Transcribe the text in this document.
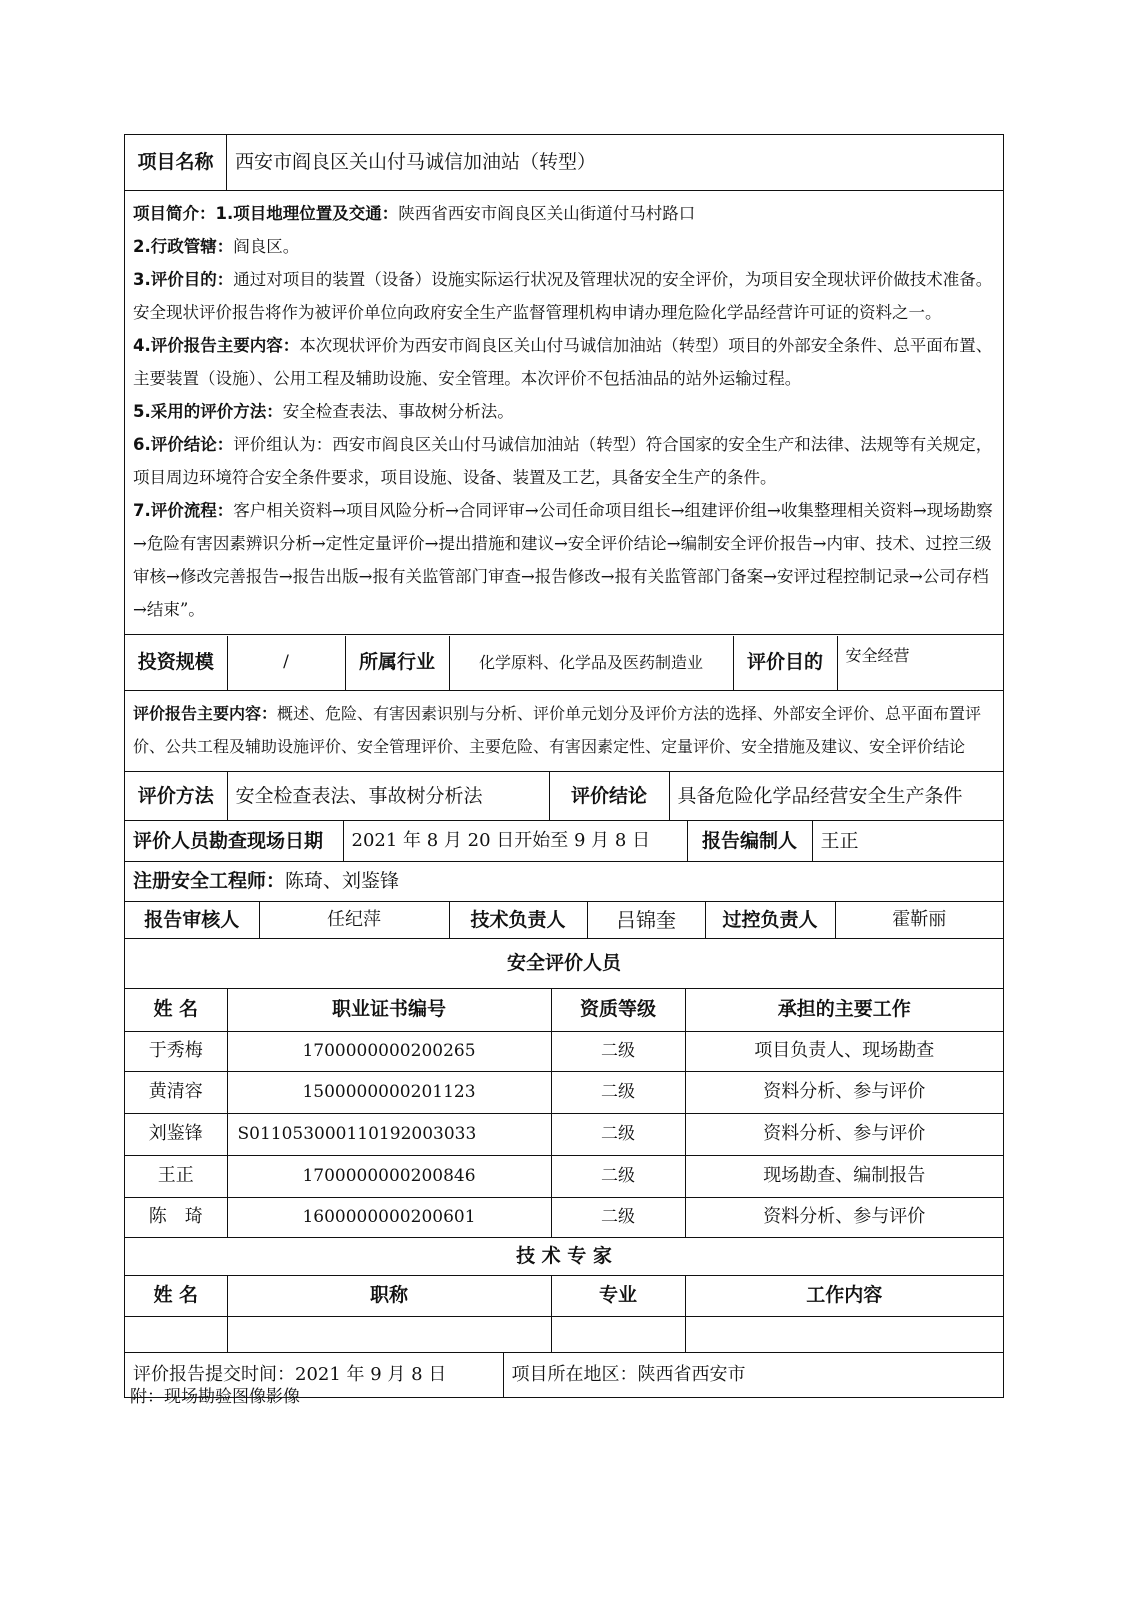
项目名称	西安市阎良区关山付马诚信加油站（转型）

项目简介：1.项目地理位置及交通：陕西省西安市阎良区关山街道付马村路口

2.行政管辖：阎良区。

3.评价目的：通过对项目的装置（设备）设施实际运行状况及管理状况的安全评价，为项目安全现状评价做技术准备。安全现状评价报告将作为被评价单位向政府安全生产监督管理机构申请办理危险化学品经营许可证的资料之一。

4.评价报告主要内容：本次现状评价为西安市阎良区关山付马诚信加油站（转型）项目的外部安全条件、总平面布置、主要装置（设施）、公用工程及辅助设施、安全管理。本次评价不包括油品的站外运输过程。

5.采用的评价方法：安全检查表法、事故树分析法。

6.评价结论：评价组认为：西安市阎良区关山付马诚信加油站（转型）符合国家的安全生产和法律、法规等有关规定，项目周边环境符合安全条件要求，项目设施、设备、装置及工艺，具备安全生产的条件。

7.评价流程：客户相关资料→项目风险分析→合同评审→公司任命项目组长→组建评价组→收集整理相关资料→现场勘察→危险有害因素辨识分析→定性定量评价→提出措施和建议→安全评价结论→编制安全评价报告→内审、技术、过控三级审核→修改完善报告→报告出版→报有关监管部门审查→报告修改→报有关监管部门备案→安评过程控制记录→公司存档→结束”。

投资规模	/	所属行业	化学原料、化学品及医药制造业	评价目的	安全经营

评价报告主要内容：概述、危险、有害因素识别与分析、评价单元划分及评价方法的选择、外部安全评价、总平面布置评价、公共工程及辅助设施评价、安全管理评价、主要危险、有害因素定性、定量评价、安全措施及建议、安全评价结论

评价方法	安全检查表法、事故树分析法	评价结论	具备危险化学品经营安全生产条件

评价人员勘查现场日期	2021 年 8 月 20 日开始至 9 月 8 日	报告编制人	王正

注册安全工程师：陈琦、刘鉴锋

报告审核人	任纪萍	技术负责人	吕锦奎	过控负责人	霍靳丽

安全评价人员

姓 名	职业证书编号	资质等级	承担的主要工作
于秀梅	1700000000200265	二级	项目负责人、现场勘查
黄清容	1500000000201123	二级	资料分析、参与评价
刘鉴锋	S011053000110192003033	二级	资料分析、参与评价
王正	1700000000200846	二级	现场勘查、编制报告
陈　琦	1600000000200601	二级	资料分析、参与评价

技 术 专 家

姓 名	职称	专业	工作内容

评价报告提交时间：2021 年 9 月 8 日	项目所在地区：陕西省西安市
附：现场勘验图像影像
